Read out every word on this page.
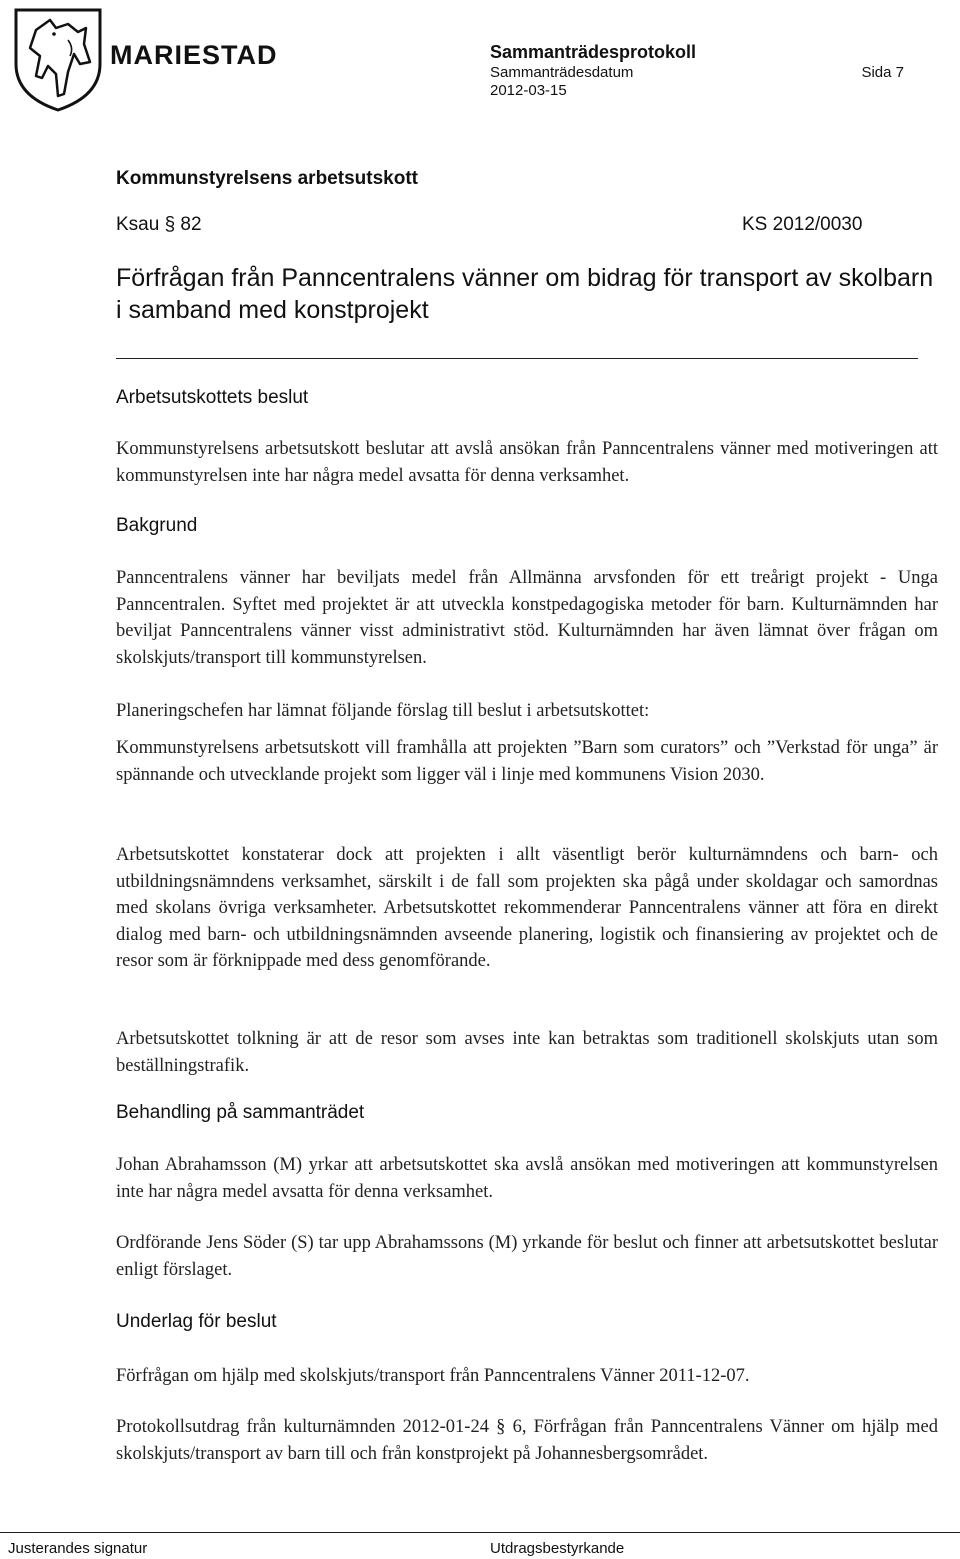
MARIESTAD	Sammanträdesprotokoll
Sammanträdesdatum
2012-03-15
Sida 7
Kommunstyrelsens arbetsutskott
Ksau § 82	KS 2012/0030
Förfrågan från Panncentralens vänner om bidrag för transport av skolbarn i samband med konstprojekt
Arbetsutskottets beslut
Kommunstyrelsens arbetsutskott beslutar att avslå ansökan från Panncentralens vänner med motiveringen att kommunstyrelsen inte har några medel avsatta för denna verksamhet.
Bakgrund
Panncentralens vänner har beviljats medel från Allmänna arvsfonden för ett treårigt projekt - Unga Panncentralen. Syftet med projektet är att utveckla konstpedagogiska metoder för barn. Kulturnämnden har beviljat Panncentralens vänner visst administrativt stöd. Kulturnämnden har även lämnat över frågan om skolskjuts/transport till kommunstyrelsen.
Planeringschefen har lämnat följande förslag till beslut i arbetsutskottet:
Kommunstyrelsens arbetsutskott vill framhålla att projekten ”Barn som curators” och ”Verkstad för unga” är spännande och utvecklande projekt som ligger väl i linje med kommunens Vision 2030.
Arbetsutskottet konstaterar dock att projekten i allt väsentligt berör kulturnämndens och barn- och utbildningsnämndens verksamhet, särskilt i de fall som projekten ska pågå under skoldagar och samordnas med skolans övriga verksamheter. Arbetsutskottet rekommenderar Panncentralens vänner att föra en direkt dialog med barn- och utbildningsnämnden avseende planering, logistik och finansiering av projektet och de resor som är förknippade med dess genomförande.
Arbetsutskottet tolkning är att de resor som avses inte kan betraktas som traditionell skolskjuts utan som beställningstrafik.
Behandling på sammanträdet
Johan Abrahamsson (M) yrkar att arbetsutskottet ska avslå ansökan med motiveringen att kommunstyrelsen inte har några medel avsatta för denna verksamhet.
Ordförande Jens Söder (S) tar upp Abrahamssons (M) yrkande för beslut och finner att arbetsutskottet beslutar enligt förslaget.
Underlag för beslut
Förfrågan om hjälp med skolskjuts/transport från Panncentralens Vänner 2011-12-07.
Protokollsutdrag från kulturnämnden 2012-01-24 § 6, Förfrågan från Panncentralens Vänner om hjälp med skolskjuts/transport av barn till och från konstprojekt på Johannesbergsområdet.
Justerandes signatur	Utdragsbestyrkande
